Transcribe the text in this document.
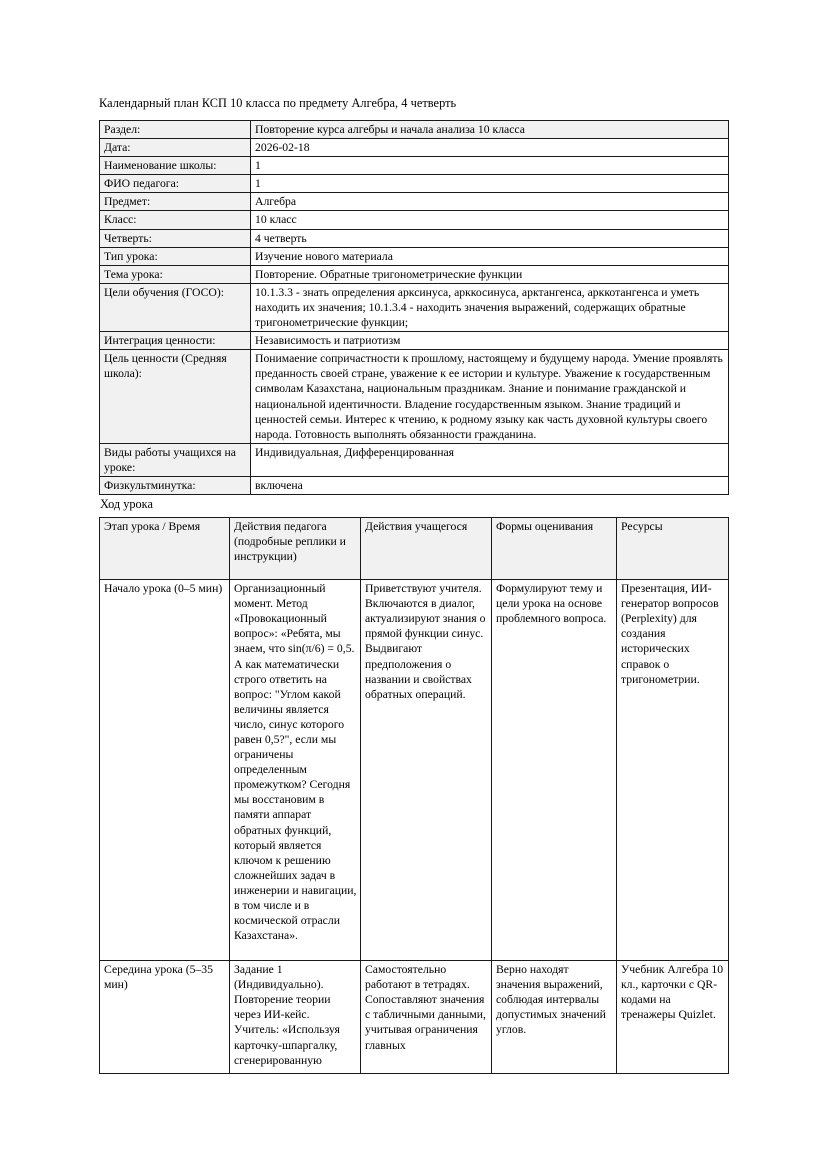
Календарный план КСП 10 класса по предмету Алгебра, 4 четверть
Раздел:	Повторение курса алгебры и начала анализа 10 класса
Дата:	2026-02-18
Наименование школы:	1
ФИО педагога:	1
Предмет:	Алгебра
Класс:	10 класс
Четверть:	4 четверть
Тип урока:	Изучение нового материала
Тема урока:	Повторение. Обратные тригонометрические функции
Цели обучения (ГОСО):	10.1.3.3 - знать определения арксинуса, арккосинуса, арктангенса, арккотангенса и уметь находить их значения; 10.1.3.4 - находить значения выражений, содержащих обратные тригонометрические функции;
Интеграция ценности:	Независимость и патриотизм
Цель ценности (Средняя школа):	Понимаение сопричастности к прошлому, настоящему и будущему народа. Умение проявлять преданность своей стране, уважение к ее истории и культуре. Уважение к государственным символам Казахстана, национальным праздникам. Знание и понимание гражданской и национальной идентичности. Владение государственным языком. Знание традиций и ценностей семьи. Интерес к чтению, к родному языку как часть духовной культуры своего народа. Готовность выполнять обязанности гражданина.
Виды работы учащихся на уроке:	Индивидуальная, Дифференцированная
Физкультминутка:	включена
Ход урока
Этап урока / Время	Действия педагога (подробные реплики и инструкции)	Действия учащегося	Формы оценивания	Ресурсы
Начало урока (0–5 мин)	Организационный момент. Метод «Провокационный вопрос»: «Ребята, мы знаем, что sin(π/6) = 0,5. А как математически строго ответить на вопрос: "Углом какой величины является число, синус которого равен 0,5?", если мы ограничены определенным промежутком? Сегодня мы восстановим в памяти аппарат обратных функций, который является ключом к решению сложнейших задач в инженерии и навигации, в том числе и в космической отрасли Казахстана».	Приветствуют учителя. Включаются в диалог, актуализируют знания о прямой функции синус. Выдвигают предположения о названии и свойствах обратных операций.	Формулируют тему и цели урока на основе проблемного вопроса.	Презентация, ИИ-генератор вопросов (Perplexity) для создания исторических справок о тригонометрии.
Середина урока (5–35 мин)	Задание 1 (Индивидуально). Повторение теории через ИИ-кейс. Учитель: «Используя карточку-шпаргалку, сгенерированную	Самостоятельно работают в тетрадях. Сопоставляют значения с табличными данными, учитывая ограничения главных	Верно находят значения выражений, соблюдая интервалы допустимых значений углов.	Учебник Алгебра 10 кл., карточки с QR-кодами на тренажеры Quizlet.
